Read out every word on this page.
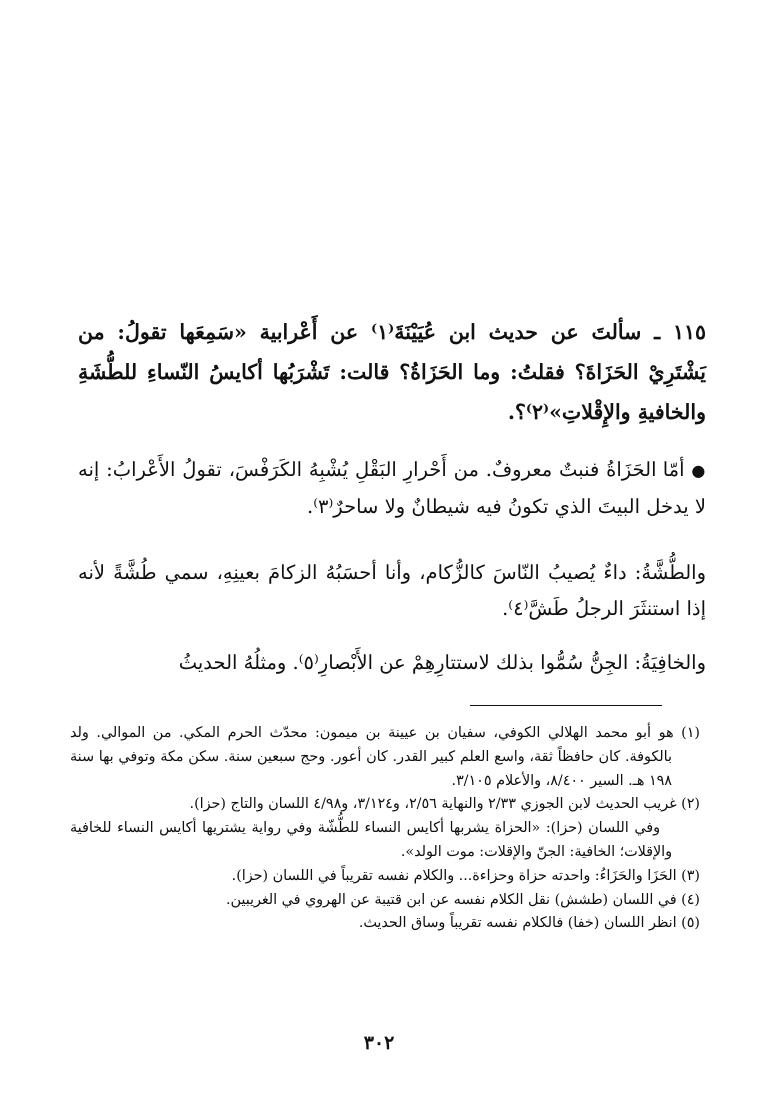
١١٥ ـ سألتَ عن حديث ابن عُيَيْنَةَ⁽١⁾ عن أَعْرابية «سَمِعَها تقولُ: من يَشْتَرِيْ الحَزَاةَ؟ فقلتُ: وما الحَزَاةُ؟ قالت: تَشْرَبُها أكايسُ النّساءِ للطُّشَةِ والخافيةِ والإِقْلاتِ»⁽٢⁾؟.

● أمّا الحَزَاةُ فنبتٌ معروفٌ. من أَحْرارِ البَقْلِ يُشْبِهُ الكَرَفْسَ، تقولُ الأَعْرابُ: إنه لا يدخل البيتَ الذي تكونُ فيه شيطانٌ ولا ساحرٌ⁽٣⁾.

والطُّشَّةُ: داءٌ يُصيبُ النّاسَ كالزُّكام، وأنا أحسَبُهُ الزكامَ بعينِهِ، سمي طُشَّةً لأنه إذا استنثَرَ الرجلُ طَشَّ⁽٤⁾.

والخافِيَةُ: الجِنُّ سُمُّوا بذلك لاستتارِهِمْ عن الأَبْصارِ⁽٥⁾. ومثلُهُ الحديثُ

(١) هو أبو محمد الهلالي الكوفي، سفيان بن عيينة بن ميمون: محدّث الحرم المكي. من الموالي. ولد بالكوفة. كان حافظاً ثقة، واسع العلم كبير القدر. كان أعور. وحج سبعين سنة. سكن مكة وتوفي بها سنة ١٩٨ هـ. السير ٨/٤٠٠، والأعلام ٣/١٠٥.

(٢) غريب الحديث لابن الجوزي ٢/٣٣ والنهاية ٢/٥٦، و٣/١٢٤، و٤/٩٨ اللسان والتاج (حزا).

وفي اللسان (حزا): «الحزاة يشربها أكايس النساء للطُّشّة وفي رواية يشتريها أكايس النساء للخافية والإقلات؛ الخافية: الجنّ والإقلات: موت الولد».

(٣) الحَزَا والحَزَاءُ: واحدته حزاة وحزاءة... والكلام نفسه تقريباً في اللسان (حزا).

(٤) في اللسان (طشش) نقل الكلام نفسه عن ابن قتيبة عن الهروي في الغريبين.

(٥) انظر اللسان (خفا) فالكلام نفسه تقريباً وساق الحديث.

٣٠٢
